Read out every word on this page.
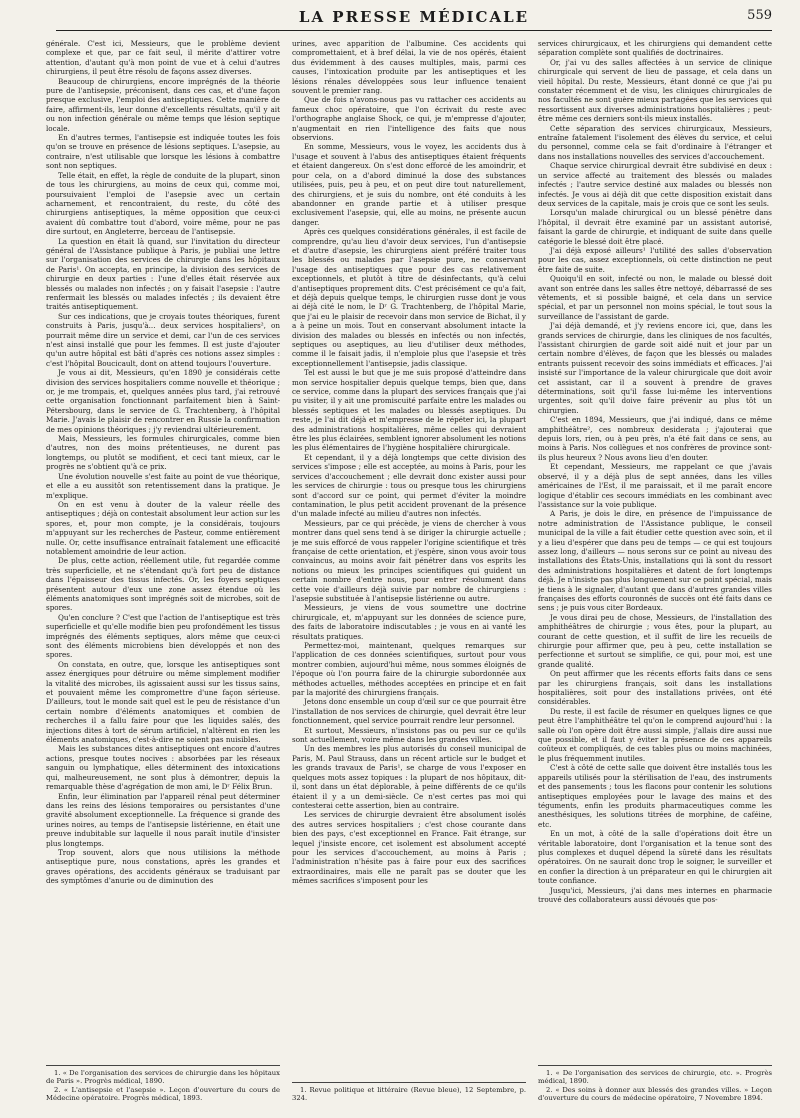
LA PRESSE MÉDICALE	559

générale. C'est ici, Messieurs, que le problème devient complexe et que, par ce fait seul, il mérite d'attirer votre attention, d'autant qu'à mon point de vue et à celui d'autres chirurgiens, il peut être résolu de façons assez diverses.

Beaucoup de chirurgiens, encore imprégnés de la théorie pure de l'antisepsie, préconisent, dans ces cas, et d'une façon presque exclusive, l'emploi des antiseptiques. Cette manière de faire, affirment-ils, leur donne d'excellents résultats, qu'il y ait ou non infection générale ou même temps que lésion septique locale.

En d'autres termes, l'antisepsie est indiquée toutes les fois qu'on se trouve en présence de lésions septiques. L'asepsie, au contraire, n'est utilisable que lorsque les lésions à combattre sont non septiques.

Telle était, en effet, la règle de conduite de la plupart, sinon de tous les chirurgiens, au moins de ceux qui, comme moi, poursuivaient l'emploi de l'asepsie avec un certain acharnement, et rencontraient, du reste, du côté des chirurgiens antiseptiques, la même opposition que ceux-ci avaient dû combattre tout d'abord, voire même, pour ne pas dire surtout, en Angleterre, berceau de l'antisepsie.

La question en était là quand, sur l'invitation du directeur général de l'Assistance publique à Paris, je publiai une lettre sur l'organisation des services de chirurgie dans les hôpitaux de Paris¹. On accepta, en principe, la division des services de chirurgie en deux parties : l'une d'elles était réservée aux blessés ou malades non infectés ; on y faisait l'asepsie : l'autre renfermait les blessés ou malades infectés ; ils devaient être traités antiseptiquement.

Sur ces indications, que je croyais toutes théoriques, furent construits à Paris, jusqu'à... deux services hospitaliers², on pourrait même dire un service et demi, car l'un de ces services n'est ainsi installé que pour les femmes. Il est juste d'ajouter qu'un autre hôpital est bâti d'après ces notions assez simples : c'est l'hôpital Boucicault, dont on attend toujours l'ouverture.

Je vous ai dit, Messieurs, qu'en 1890 je considérais cette division des services hospitaliers comme nouvelle et théorique ; or, je me trompais, et, quelques années plus tard, j'ai retrouvé cette organisation fonctionnant parfaitement bien à Saint-Pétersbourg, dans le service de G. Trachtenberg, à l'hôpital Marie. J'avais le plaisir de rencontrer en Russie la confirmation de mes opinions théoriques ; j'y reviendrai ultérieurement.

Mais, Messieurs, les formules chirurgicales, comme bien d'autres, non des moins prétentieuses, ne durent pas longtemps, ou plutôt se modifient, et ceci tant mieux, car le progrès ne s'obtient qu'à ce prix.

Une évolution nouvelle s'est faite au point de vue théorique, et elle a eu aussitôt son retentissement dans la pratique. Je m'explique.

On en est venu à douter de la valeur réelle des antiseptiques ; déjà on contestait absolument leur action sur les spores, et, pour mon compte, je la considérais, toujours m'appuyant sur les recherches de Pasteur, comme entièrement nulle. Or, cette insuffisance entraînait fatalement une efficacité notablement amoindrie de leur action.

De plus, cette action, réellement utile, fut regardée comme très superficielle, et ne s'étendant qu'à fort peu de distance dans l'épaisseur des tissus infectés. Or, les foyers septiques présentent autour d'eux une zone assez étendue où les éléments anatomiques sont imprégnés soit de microbes, soit de spores.

Qu'en conclure ? C'est que l'action de l'antiseptique est très superficielle et qu'elle modifie bien peu profondément les tissus imprégnés des éléments septiques, alors même que ceux-ci sont des éléments microbiens bien développés et non des spores.

On constata, en outre, que, lorsque les antiseptiques sont assez énergiques pour détruire ou même simplement modifier la vitalité des microbes, ils agissaient aussi sur les tissus sains, et pouvaient même les compromettre d'une façon sérieuse. D'ailleurs, tout le monde sait quel est le peu de résistance d'un certain nombre d'éléments anatomiques et combien de recherches il a fallu faire pour que les liquides salés, des injections dites à tort de sérum artificiel, n'altèrent en rien les éléments anatomiques, c'est-à-dire ne soient pas nuisibles.

Mais les substances dites antiseptiques ont encore d'autres actions, presque toutes nocives : absorbées par les réseaux sanguin ou lymphatique, elles déterminent des intoxications qui, malheureusement, ne sont plus à démontrer, depuis la remarquable thèse d'agrégation de mon ami, le Dʳ Félix Brun.

Enfin, leur élimination par l'appareil rénal peut déterminer dans les reins des lésions temporaires ou persistantes d'une gravité absolument exceptionnelle. La fréquence si grande des urines noires, au temps de l'antisepsie listérienne, en était une preuve indubitable sur laquelle il nous paraît inutile d'insister plus longtemps.

Trop souvent, alors que nous utilisions la méthode antiseptique pure, nous constations, après les grandes et graves opérations, des accidents généraux se traduisant par des symptômes d'anurie ou de diminution des

1. « De l'organisation des services de chirurgie dans les hôpitaux de Paris ». Progrès médical, 1890.

2. « L'antisepsie et l'asepsie ». Leçon d'ouverture du cours de Médecine opératoire. Progrès médical, 1893.

urines, avec apparition de l'albumine. Ces accidents qui compromettaient, et à bref délai, la vie de nos opérés, étaient dus évidemment à des causes multiples, mais, parmi ces causes, l'intoxication produite par les antiseptiques et les lésions rénales développées sous leur influence tenaient souvent le premier rang.

Que de fois n'avons-nous pas vu rattacher ces accidents au fameux choc opératoire, que l'on écrivait du reste avec l'orthographe anglaise Shock, ce qui, je m'empresse d'ajouter, n'augmentait en rien l'intelligence des faits que nous observions.

En somme, Messieurs, vous le voyez, les accidents dus à l'usage et souvent à l'abus des antiseptiques étaient fréquents et étaient dangereux. On s'est donc efforcé de les amoindrir, et pour cela, on a d'abord diminué la dose des substances utilisées, puis, peu à peu, et on peut dire tout naturellement, des chirurgiens, et je suis du nombre, ont été conduits à les abandonner en grande partie et à utiliser presque exclusivement l'asepsie, qui, elle au moins, ne présente aucun danger.

Après ces quelques considérations générales, il est facile de comprendre, qu'au lieu d'avoir deux services, l'un d'antisepsie et d'autre d'asepsie, les chirurgiens aient préféré traiter tous les blessés ou malades par l'asepsie pure, ne conservant l'usage des antiseptiques que pour des cas relativement exceptionnels, et plutôt à titre de désinfectants, qu'à celui d'antiseptiques proprement dits. C'est précisément ce qu'a fait, et déjà depuis quelque temps, le chirurgien russe dont je vous ai déjà cité le nom, le Dʳ G. Trachtenberg, de l'hôpital Marie, que j'ai eu le plaisir de recevoir dans mon service de Bichat, il y a à peine un mois. Tout en conservant absolument intacte la division des malades ou blessés en infectés ou non infectés, septiques ou aseptiques, au lieu d'utiliser deux méthodes, comme il le faisait jadis, il n'emploie plus que l'asepsie et très exceptionnellement l'antisepsie, jadis classique.

Tel est aussi le but que je me suis proposé d'atteindre dans mon service hospitalier depuis quelque temps, bien que, dans ce service, comme dans la plupart des services français que j'ai pu visiter, il y ait une promiscuité parfaite entre les malades ou blessés septiques et les malades ou blessés aseptiques. Du reste, je l'ai dit déjà et m'empresse de le répéter ici, la plupart des administrations hospitalières, même celles qui devraient être les plus éclairées, semblent ignorer absolument les notions les plus élémentaires de l'hygiène hospitalière chirurgicale.

Et cependant, il y a déjà longtemps que cette division des services s'impose ; elle est acceptée, au moins à Paris, pour les services d'accouchement ; elle devrait donc exister aussi pour les services de chirurgie : tous ou presque tous les chirurgiens sont d'accord sur ce point, qui permet d'éviter la moindre contamination, le plus petit accident provenant de la présence d'un malade infecté au milieu d'autres non infectés.

Messieurs, par ce qui précède, je viens de chercher à vous montrer dans quel sens tend à se diriger la chirurgie actuelle ; je me suis efforcé de vous rappeler l'origine scientifique et très française de cette orientation, et j'espère, sinon vous avoir tous convaincus, au moins avoir fait pénétrer dans vos esprits les notions ou mieux les principes scientifiques qui guident un certain nombre d'entre nous, pour entrer résolument dans cette voie d'ailleurs déjà suivie par nombre de chirurgiens : l'asepsie substituée à l'antisepsie listérienne ou autre.

Messieurs, je viens de vous soumettre une doctrine chirurgicale, et, m'appuyant sur les données de science pure, des faits de laboratoire indiscutables ; je vous en ai vanté les résultats pratiques.

Permettez-moi, maintenant, quelques remarques sur l'application de ces données scientifiques, surtout pour vous montrer combien, aujourd'hui même, nous sommes éloignés de l'époque où l'on pourra faire de la chirurgie subordonnée aux méthodes actuelles, méthodes acceptées en principe et en fait par la majorité des chirurgiens français.

Jetons donc ensemble un coup d'œil sur ce que pourrait être l'installation de nos services de chirurgie, quel devrait être leur fonctionnement, quel service pourrait rendre leur personnel.

Et surtout, Messieurs, n'insistons pas ou peu sur ce qu'ils sont actuellement, voire même dans les grandes villes.

Un des membres les plus autorisés du conseil municipal de Paris, M. Paul Strauss, dans un récent article sur le budget et les grands travaux de Paris¹, se charge de vous l'exposer en quelques mots assez topiques : la plupart de nos hôpitaux, dit-il, sont dans un état déplorable, à peine différents de ce qu'ils étaient il y a un demi-siècle. Ce n'est certes pas moi qui contesterai cette assertion, bien au contraire.

Les services de chirurgie devraient être absolument isolés des autres services hospitaliers ; c'est chose courante dans bien des pays, c'est exceptionnel en France. Fait étrange, sur lequel j'insiste encore, cet isolement est absolument accepté pour les services d'accouchement, au moins à Paris ; l'administration n'hésite pas à faire pour eux des sacrifices extraordinaires, mais elle ne paraît pas se douter que les mêmes sacrifices s'imposent pour les

1. Revue politique et littéraire (Revue bleue), 12 Septembre, p. 324.

services chirurgicaux, et les chirurgiens qui demandent cette séparation complète sont qualifiés de doctrinaires.

Or, j'ai vu des salles affectées à un service de clinique chirurgicale qui servent de lieu de passage, et cela dans un vieil hôpital. Du reste, Messieurs, étant donné ce que j'ai pu constater récemment et de visu, les cliniques chirurgicales de nos facultés ne sont guère mieux partagées que les services qui ressortissent aux diverses administrations hospitalières ; peut-être même ces derniers sont-ils mieux installés.

Cette séparation des services chirurgicaux, Messieurs, entraîne fatalement l'isolement des élèves du service, et celui du personnel, comme cela se fait d'ordinaire à l'étranger et dans nos installations nouvelles des services d'accouchement.

Chaque service chirurgical devrait être subdivisé en deux : un service affecté au traitement des blessés ou malades infectés ; l'autre service destiné aux malades ou blessés non infectés. Je vous ai déjà dit que cette disposition existait dans deux services de la capitale, mais je crois que ce sont les seuls.

Lorsqu'un malade chirurgical ou un blessé pénètre dans l'hôpital, il devrait être examiné par un assistant autorisé, faisant la garde de chirurgie, et indiquant de suite dans quelle catégorie le blessé doit être placé.

J'ai déjà exposé ailleurs¹ l'utilité des salles d'observation pour les cas, assez exceptionnels, où cette distinction ne peut être faite de suite.

Quoiqu'il en soit, infecté ou non, le malade ou blessé doit avant son entrée dans les salles être nettoyé, débarrassé de ses vêtements, et si possible baigné, et cela dans un service spécial, et par un personnel non moins spécial, le tout sous la surveillance de l'assistant de garde.

J'ai déjà demandé, et j'y reviens encore ici, que, dans les grands services de chirurgie, dans les cliniques de nos facultés, l'assistant chirurgien de garde soit aidé nuit et jour par un certain nombre d'élèves, de façon que les blessés ou malades entrants puissent recevoir des soins immédiats et efficaces. J'ai insisté sur l'importance de la valeur chirurgicale que doit avoir cet assistant, car il a souvent à prendre de graves déterminations, soit qu'il fasse lui-même les interventions urgentes, soit qu'il doive faire prévenir au plus tôt un chirurgien.

C'est en 1894, Messieurs, que j'ai indiqué, dans ce même amphithéâtre², ces nombreux desiderata ; j'ajouterai que depuis lors, rien, ou à peu près, n'a été fait dans ce sens, au moins à Paris. Nos collègues et nos confrères de province sont-ils plus heureux ? Nous avons lieu d'en douter.

Et cependant, Messieurs, me rappelant ce que j'avais observé, il y a déjà plus de sept années, dans les villes américaines de l'Est, il me paraissait, et il me paraît encore logique d'établir ces secours immédiats en les combinant avec l'assistance sur la voie publique.

A Paris, je dois le dire, en présence de l'impuissance de notre administration de l'Assistance publique, le conseil municipal de la ville a fait étudier cette question avec soin, et il y a lieu d'espérer que dans peu de temps — ce qui est toujours assez long, d'ailleurs — nous serons sur ce point au niveau des installations des États-Unis, installations qui là sont du ressort des administrations hospitalières et datent de fort longtemps déjà. Je n'insiste pas plus longuement sur ce point spécial, mais je tiens à le signaler, d'autant que dans d'autres grandes villes françaises des efforts couronnés de succès ont été faits dans ce sens ; je puis vous citer Bordeaux.

Je vous dirai peu de chose, Messieurs, de l'installation des amphithéâtres de chirurgie ; vous êtes, pour la plupart, au courant de cette question, et il suffit de lire les recueils de chirurgie pour affirmer que, peu à peu, cette installation se perfectionne et surtout se simplifie, ce qui, pour moi, est une grande qualité.

On peut affirmer que les récents efforts faits dans ce sens par les chirurgiens français, soit dans les installations hospitalières, soit pour des installations privées, ont été considérables.

Du reste, il est facile de résumer en quelques lignes ce que peut être l'amphithéâtre tel qu'on le comprend aujourd'hui : la salle où l'on opère doit être aussi simple, j'allais dire aussi nue que possible, et il faut y éviter la présence de ces appareils coûteux et compliqués, de ces tables plus ou moins machinées, le plus fréquemment inutiles.

C'est à côté de cette salle que doivent être installés tous les appareils utilisés pour la stérilisation de l'eau, des instruments et des pansements ; tous les flacons pour contenir les solutions antiseptiques employées pour le lavage des mains et des téguments, enfin les produits pharmaceutiques comme les anesthésiques, les solutions titrées de morphine, de caféine, etc.

En un mot, à côté de la salle d'opérations doit être un véritable laboratoire, dont l'organisation et la tenue sont des plus complexes et duquel dépend la sûreté dans les résultats opératoires. On ne saurait donc trop le soigner, le surveiller et en confier la direction à un préparateur en qui le chirurgien ait toute confiance.

Jusqu'ici, Messieurs, j'ai dans mes internes en pharmacie trouvé des collaborateurs aussi dévoués que pos-

1. « De l'organisation des services de chirurgie, etc. ». Progrès médical, 1890.

2. « Des soins à donner aux blessés des grandes villes. » Leçon d'ouverture du cours de médecine opératoire, 7 Novembre 1894.
